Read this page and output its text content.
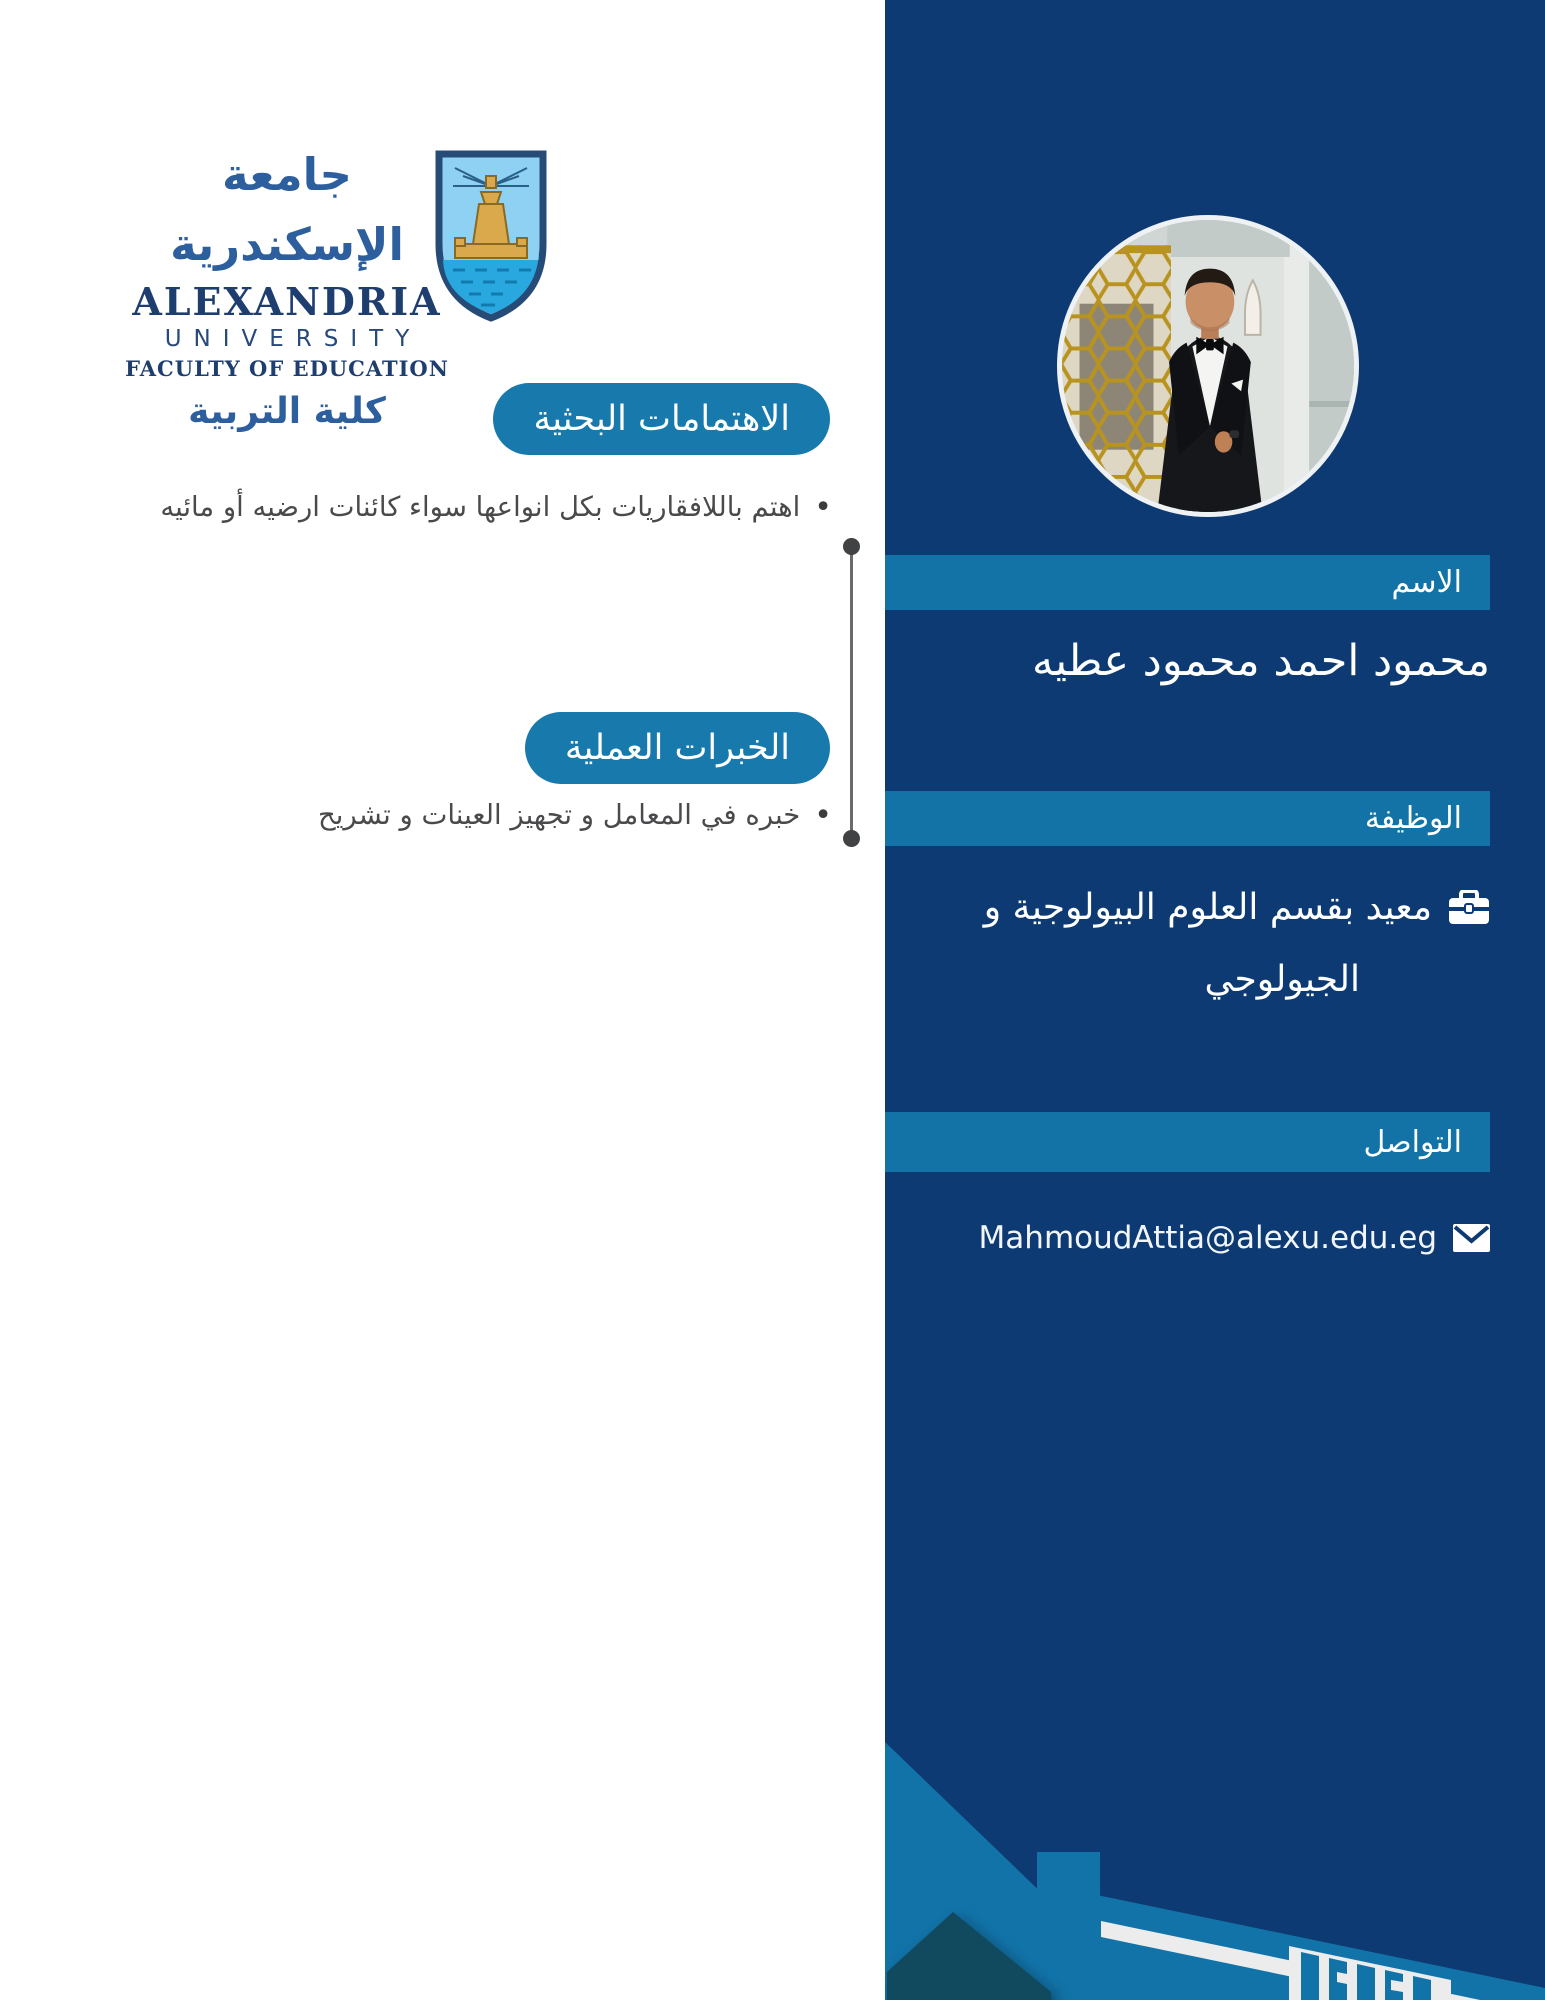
الاسم
محمود احمد محمود عطيه
الوظيفة
معيد بقسم العلوم البيولوجية و
الجيولوجي
التواصل
MahmoudAttia@alexu.edu.eg
جامعة الإسكندرية
ALEXANDRIA
UNIVERSITY
FACULTY OF EDUCATION
كلية التربية	الاهتمامات البحثية
•
اهتم باللافقاريات بكل انواعها سواء كائنات ارضيه أو مائيه
الخبرات العملية
•
خبره في المعامل و تجهيز العينات و تشريح
